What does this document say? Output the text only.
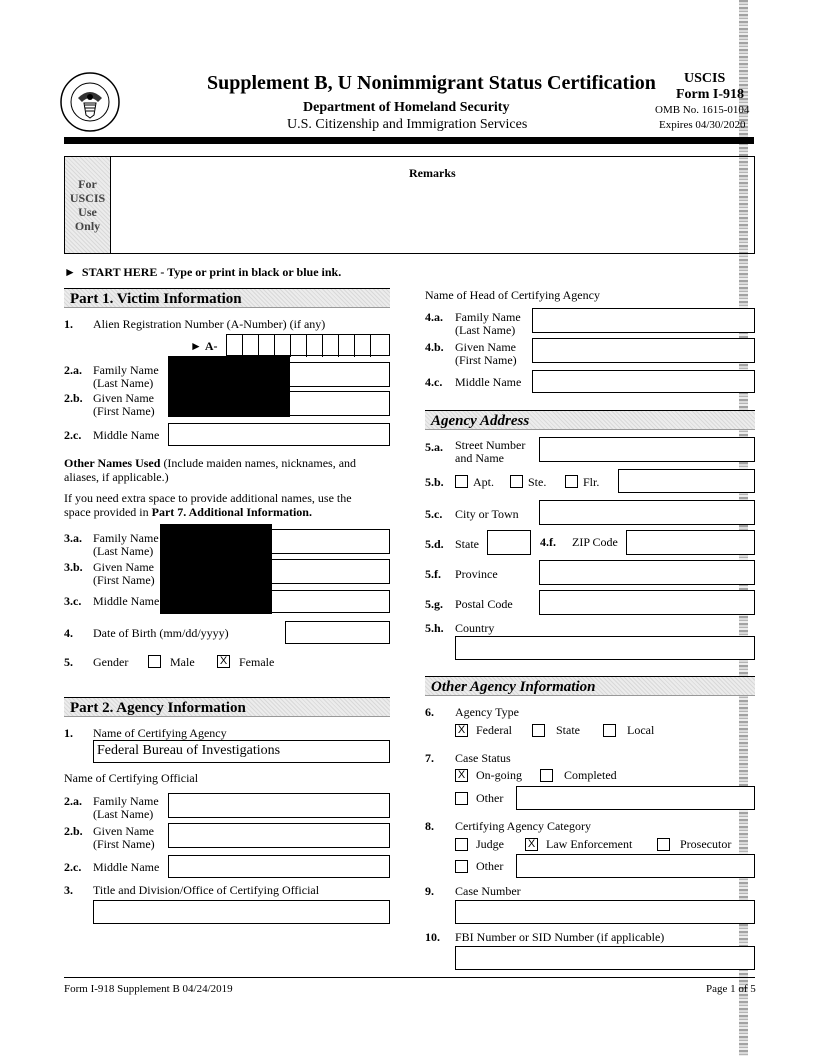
Supplement B, U Nonimmigrant Status Certification
Department of Homeland Security
U.S. Citizenship and Immigration Services
USCIS
Form I-918
OMB No. 1615-0104
Expires 04/30/2020
For
USCIS
Use
Only
Remarks
► START HERE - Type or print in black or blue ink.
Part 1. Victim Information
1. Alien Registration Number (A-Number) (if any)
► A-
2.a. Family Name
(Last Name)
2.b. Given Name
(First Name)
2.c. Middle Name
Other Names Used (Include maiden names, nicknames, and
aliases, if applicable.)
If you need extra space to provide additional names, use the
space provided in Part 7. Additional Information.
3.a. Family Name
(Last Name)
3.b. Given Name
(First Name)
3.c. Middle Name
4. Date of Birth (mm/dd/yyyy)
5. Gender	Male X Female
Part 2. Agency Information
1. Name of Certifying Agency
Federal Bureau of Investigations
Name of Certifying Official
2.a. Family Name
(Last Name)
2.b. Given Name
(First Name)
2.c. Middle Name
3. Title and Division/Office of Certifying Official
Name of Head of Certifying Agency
4.a. Family Name
(Last Name)
4.b. Given Name
(First Name)
4.c. Middle Name
Agency Address
5.a. Street Number
and Name
5.b. Apt.	Ste.	Flr.
5.c. City or Town
5.d. State	4.f. ZIP Code
5.f. Province
5.g. Postal Code
5.h. Country
Other Agency Information
6. Agency Type
X Federal	State	Local
7. Case Status
X On-going	Completed
Other
8. Certifying Agency Category
Judge X Law Enforcement	Prosecutor
Other
9. Case Number
10. FBI Number or SID Number (if applicable)
Form I-918 Supplement B 04/24/2019	Page 1 of 5
